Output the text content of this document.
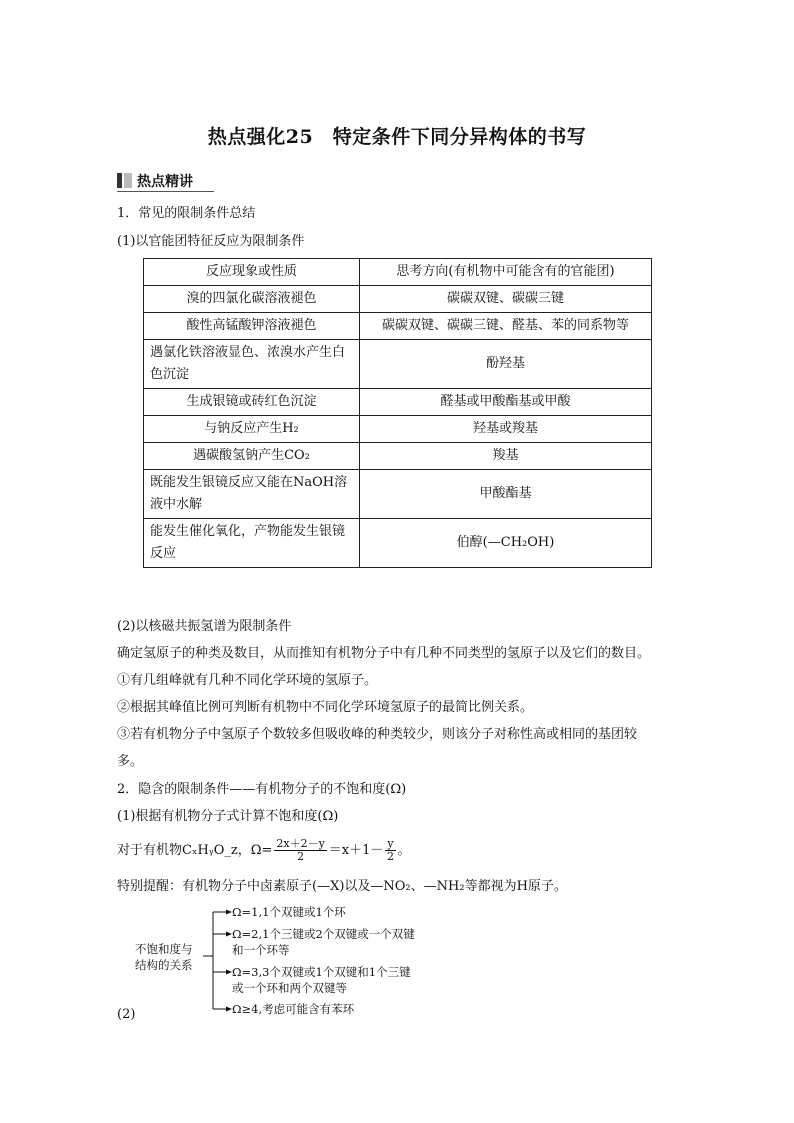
热点强化25　特定条件下同分异构体的书写
热点精讲
1．常见的限制条件总结
(1)以官能团特征反应为限制条件
反应现象或性质	思考方向(有机物中可能含有的官能团)
溴的四氯化碳溶液褪色	碳碳双键、碳碳三键
酸性高锰酸钾溶液褪色	碳碳双键、碳碳三键、醛基、苯的同系物等
遇氯化铁溶液显色、浓溴水产生白色沉淀	酚羟基
生成银镜或砖红色沉淀	醛基或甲酸酯基或甲酸
与钠反应产生H₂	羟基或羧基
遇碳酸氢钠产生CO₂	羧基
既能发生银镜反应又能在NaOH溶液中水解	甲酸酯基
能发生催化氧化，产物能发生银镜反应	伯醇(—CH₂OH)
(2)以核磁共振氢谱为限制条件
确定氢原子的种类及数目，从而推知有机物分子中有几种不同类型的氢原子以及它们的数目。
①有几组峰就有几种不同化学环境的氢原子。
②根据其峰值比例可判断有机物中不同化学环境氢原子的最简比例关系。
③若有机物分子中氢原子个数较多但吸收峰的种类较少，则该分子对称性高或相同的基团较
多。
2．隐含的限制条件——有机物分子的不饱和度(Ω)
(1)根据有机物分子式计算不饱和度(Ω)
对于有机物CₓHᵧO_z，$\Omega= \frac{2x+2-y}{2} =x+1- \frac{y}{2}$ 。
特别提醒：有机物分子中卤素原子(—X)以及—NO₂、—NH₂等都视为H原子。
不饱和度与
结构的关系
Ω=1,1个双键或1个环
Ω=2,1个三键或2个双键或一个双键
和一个环等
Ω=3,3个双键或1个双键和1个三键
或一个环和两个双键等
Ω≥4,考虑可能含有苯环
(2)
